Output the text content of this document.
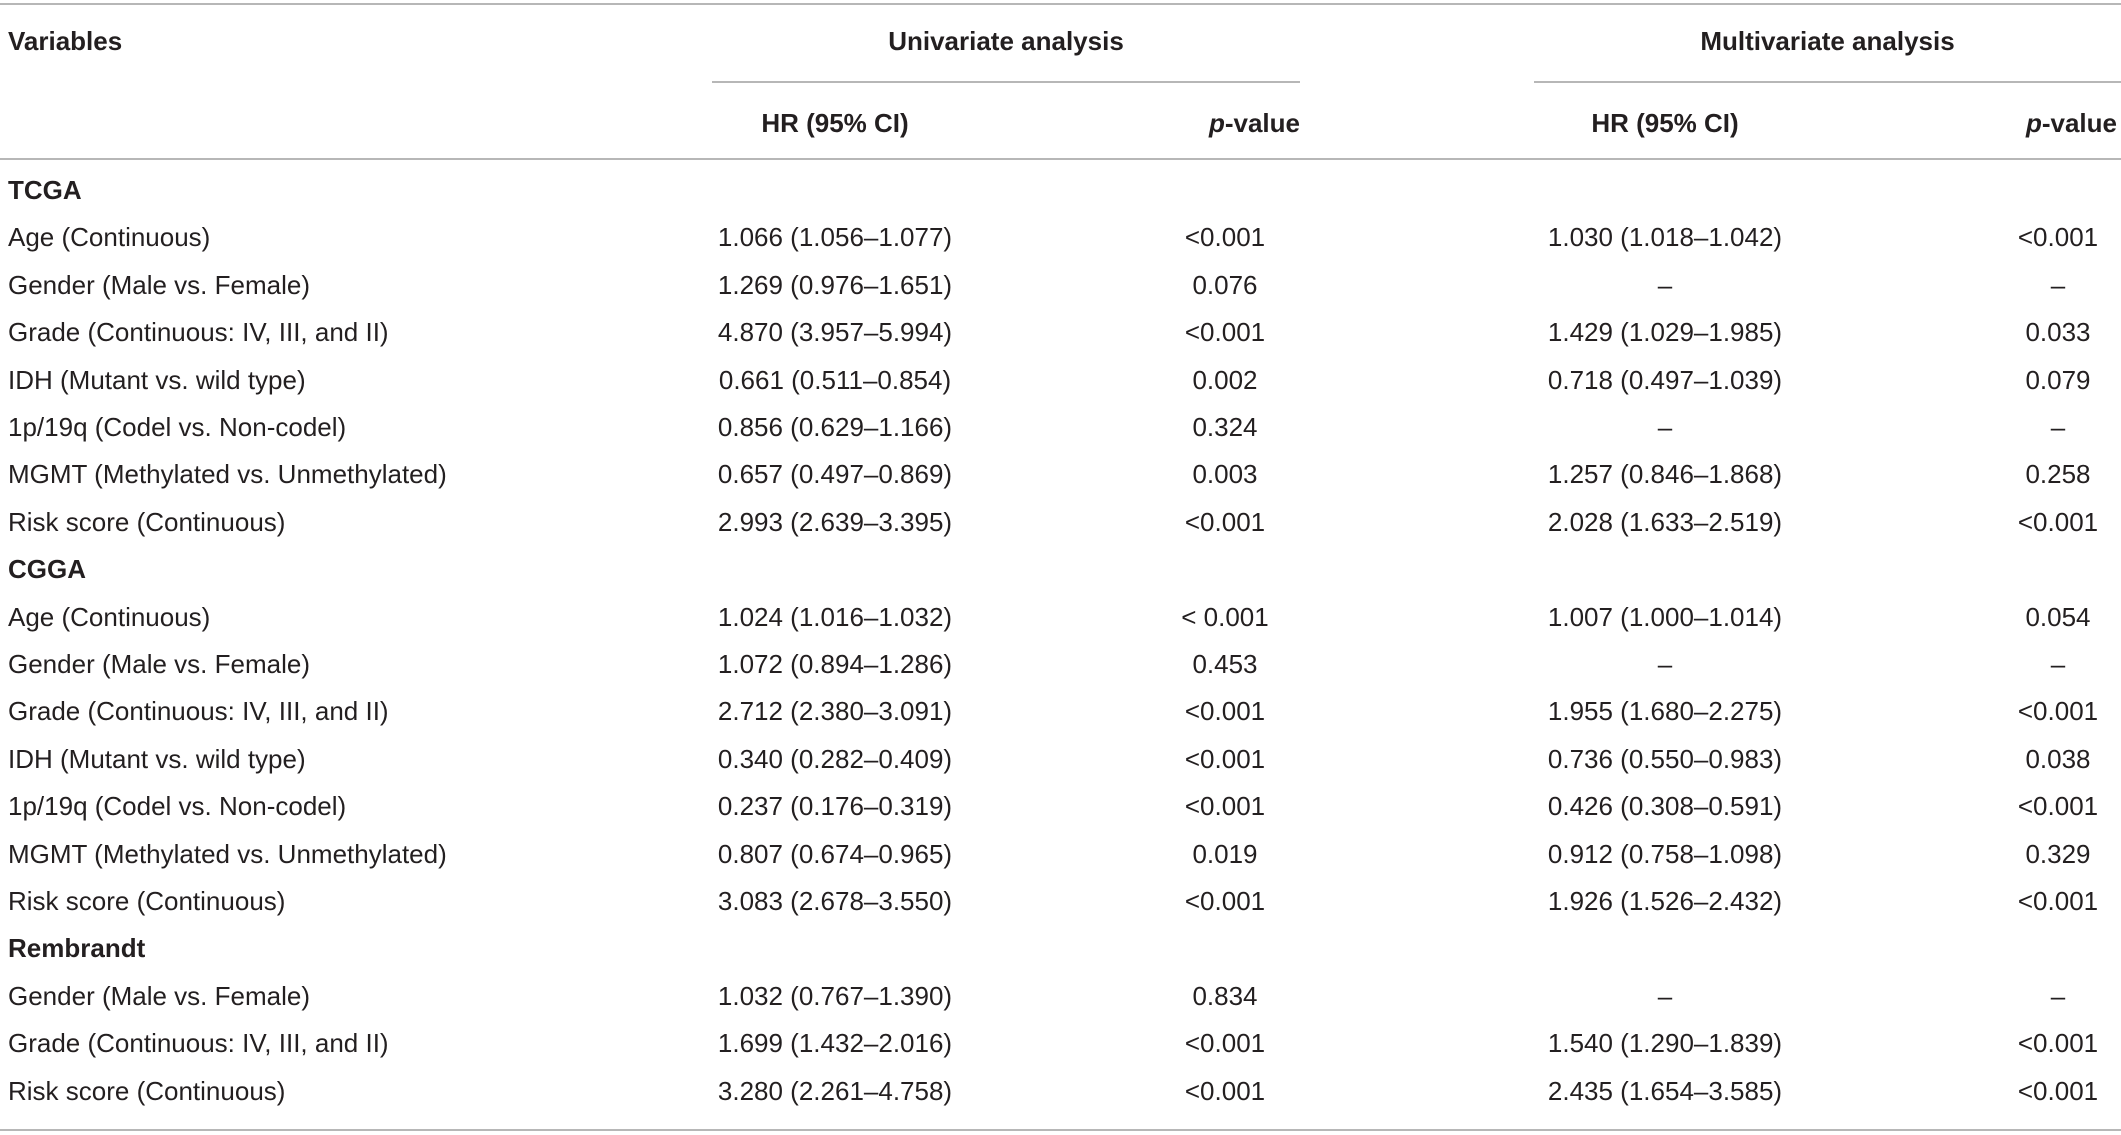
Variables	Univariate analysis	Multivariate analysis
HR (95% CI)	p-value	HR (95% CI)	p-value
TCGA
Age (Continuous)	1.066 (1.056–1.077)	<0.001	1.030 (1.018–1.042)	<0.001
Gender (Male vs. Female)	1.269 (0.976–1.651)	0.076	–	–
Grade (Continuous: IV, III, and II)	4.870 (3.957–5.994)	<0.001	1.429 (1.029–1.985)	0.033
IDH (Mutant vs. wild type)	0.661 (0.511–0.854)	0.002	0.718 (0.497–1.039)	0.079
1p/19q (Codel vs. Non-codel)	0.856 (0.629–1.166)	0.324	–	–
MGMT (Methylated vs. Unmethylated)	0.657 (0.497–0.869)	0.003	1.257 (0.846–1.868)	0.258
Risk score (Continuous)	2.993 (2.639–3.395)	<0.001	2.028 (1.633–2.519)	<0.001
CGGA
Age (Continuous)	1.024 (1.016–1.032)	< 0.001	1.007 (1.000–1.014)	0.054
Gender (Male vs. Female)	1.072 (0.894–1.286)	0.453	–	–
Grade (Continuous: IV, III, and II)	2.712 (2.380–3.091)	<0.001	1.955 (1.680–2.275)	<0.001
IDH (Mutant vs. wild type)	0.340 (0.282–0.409)	<0.001	0.736 (0.550–0.983)	0.038
1p/19q (Codel vs. Non-codel)	0.237 (0.176–0.319)	<0.001	0.426 (0.308–0.591)	<0.001
MGMT (Methylated vs. Unmethylated)	0.807 (0.674–0.965)	0.019	0.912 (0.758–1.098)	0.329
Risk score (Continuous)	3.083 (2.678–3.550)	<0.001	1.926 (1.526–2.432)	<0.001
Rembrandt
Gender (Male vs. Female)	1.032 (0.767–1.390)	0.834	–	–
Grade (Continuous: IV, III, and II)	1.699 (1.432–2.016)	<0.001	1.540 (1.290–1.839)	<0.001
Risk score (Continuous)	3.280 (2.261–4.758)	<0.001	2.435 (1.654–3.585)	<0.001
